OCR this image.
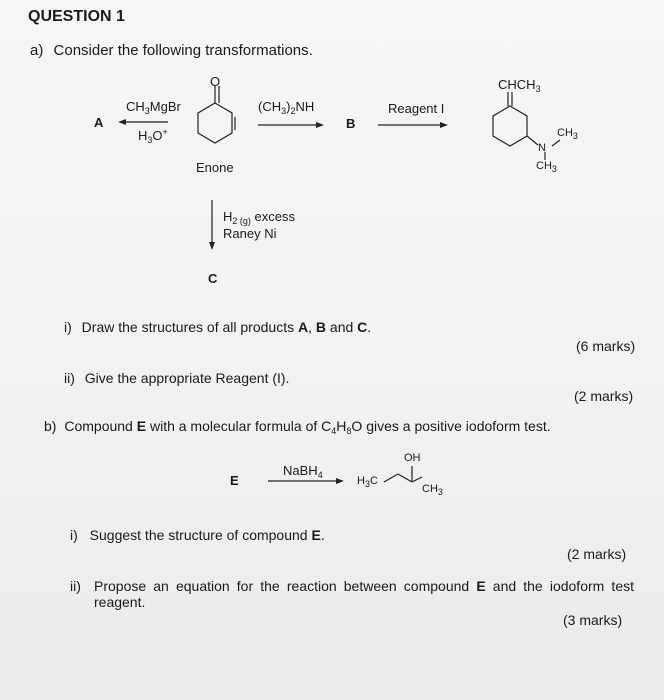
QUESTION 1
a) Consider the following transformations.
A
$CH_3MgBr$
$H_3O^+$
O
Enone
$(CH_3)_2NH$
B
Reagent I
$CHCH_3$
N
$CH_3$
$CH_3$
$H_{2 (g)}$ excess
Raney Ni
C
i) Draw the structures of all products A, B and C.
(6 marks)
ii) Give the appropriate Reagent (I).
(2 marks)
b) Compound E with a molecular formula of $C_4H_8O$ gives a positive iodoform test.
E
NaBH$_4$
OH
$H_3C$
$CH_3$
i) Suggest the structure of compound E.
(2 marks)
ii) Propose an equation for the reaction between compound E and the iodoform test reagent.
(3 marks)
